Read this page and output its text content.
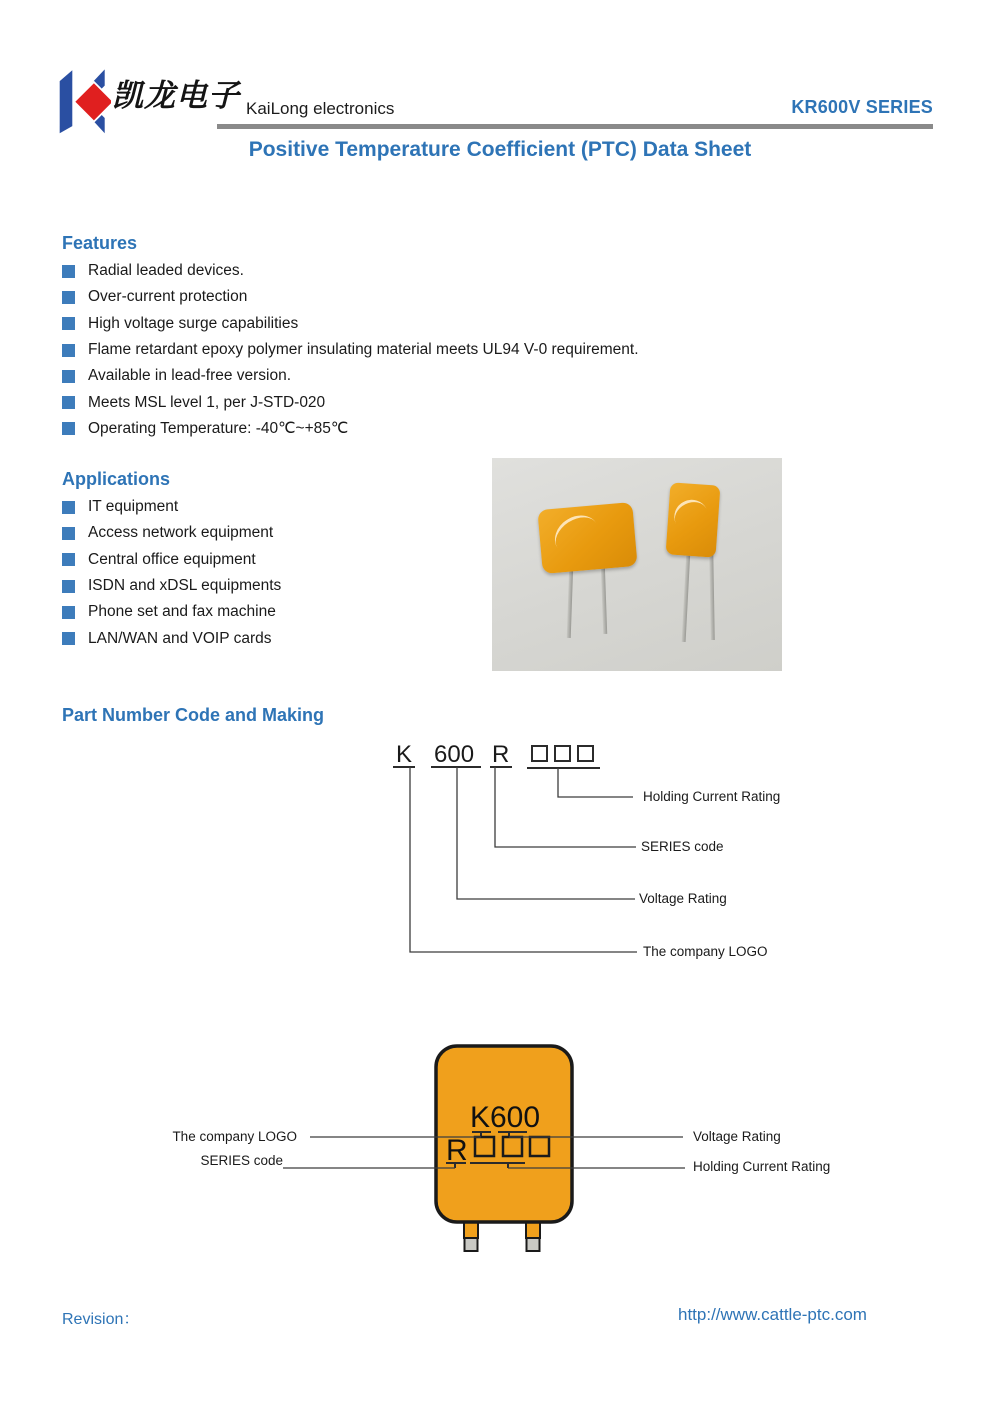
凯龙电子 KaiLong electronics	KR600V SERIES
Positive Temperature Coefficient (PTC) Data Sheet
Features
Radial leaded devices.
Over-current protection
High voltage surge capabilities
Flame retardant epoxy polymer insulating material meets UL94 V-0 requirement.
Available in lead-free version.
Meets MSL level 1, per J-STD-020
Operating Temperature: -40℃~+85℃
Applications
IT equipment
Access network equipment
Central office equipment
ISDN and xDSL equipments
Phone set and fax machine
LAN/WAN and VOIP cards
Part Number Code and Making
K 600 R
Holding Current Rating
SERIES code
Voltage Rating
The company LOGO
K600
R
The company LOGO
SERIES code
Voltage Rating
Holding Current Rating
Revision：	http://www.cattle-ptc.com
